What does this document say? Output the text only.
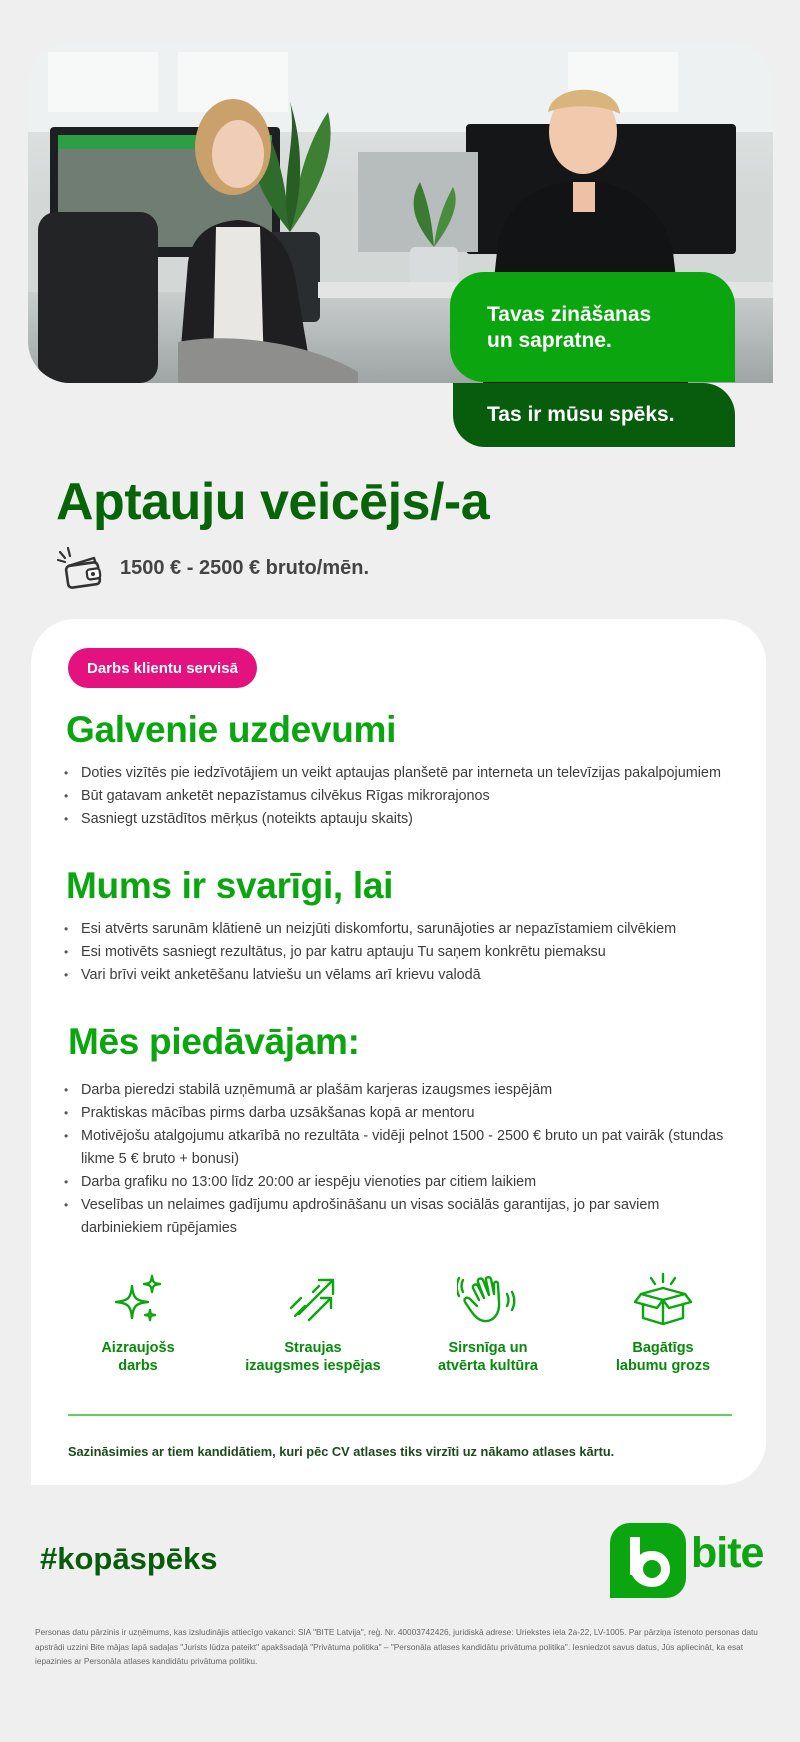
Tavas zināšanas
un sapratne.
Tas ir mūsu spēks.
Aptauju veicējs/-a
1500 € - 2500 € bruto/mēn.
Darbs klientu servisā
Galvenie uzdevumi
• Doties vizītēs pie iedzīvotājiem un veikt aptaujas planšetē par interneta un televīzijas pakalpojumiem
• Būt gatavam anketēt nepazīstamus cilvēkus Rīgas mikrorajonos
• Sasniegt uzstādītos mērķus (noteikts aptauju skaits)
Mums ir svarīgi, lai
• Esi atvērts sarunām klātienē un neizjūti diskomfortu, sarunājoties ar nepazīstamiem cilvēkiem
• Esi motivēts sasniegt rezultātus, jo par katru aptauju Tu saņem konkrētu piemaksu
• Vari brīvi veikt anketēšanu latviešu un vēlams arī krievu valodā
Mēs piedāvājam:
• Darba pieredzi stabilā uzņēmumā ar plašām karjeras izaugsmes iespējām
• Praktiskas mācības pirms darba uzsākšanas kopā ar mentoru
• Motivējošu atalgojumu atkarībā no rezultāta - vidēji pelnot 1500 - 2500 € bruto un pat vairāk (stundas likme 5 € bruto + bonusi)
• Darba grafiku no 13:00 līdz 20:00 ar iespēju vienoties par citiem laikiem
• Veselības un nelaimes gadījumu apdrošināšanu un visas sociālās garantijas, jo par saviem darbiniekiem rūpējamies
Aizraujošs
darbs
Straujas
izaugsmes iespējas
Sirsnīga un
atvērta kultūra
Bagātīgs
labumu grozs

Sazināsimies ar tiem kandidātiem, kuri pēc CV atlases tiks virzīti uz nākamo atlases kārtu.

#kopāspēks	bite

Personas datu pārzinis ir uzņēmums, kas izsludinājis attiecīgo vakanci: SIA "BITE Latvija", reģ. Nr. 40003742426, juridiskā adrese: Uriekstes iela 2a-22, LV-1005. Par pārziņa īstenoto personas datu apstrādi uzzini Bite mājas lapā sadaļas "Jurists lūdza pateikt" apakšsadaļā "Privātuma politika" – "Personāla atlases kandidātu privātuma politika". Iesniedzot savus datus, Jūs apliecināt, ka esat iepazinies ar Personāla atlases kandidātu privātuma politiku.
